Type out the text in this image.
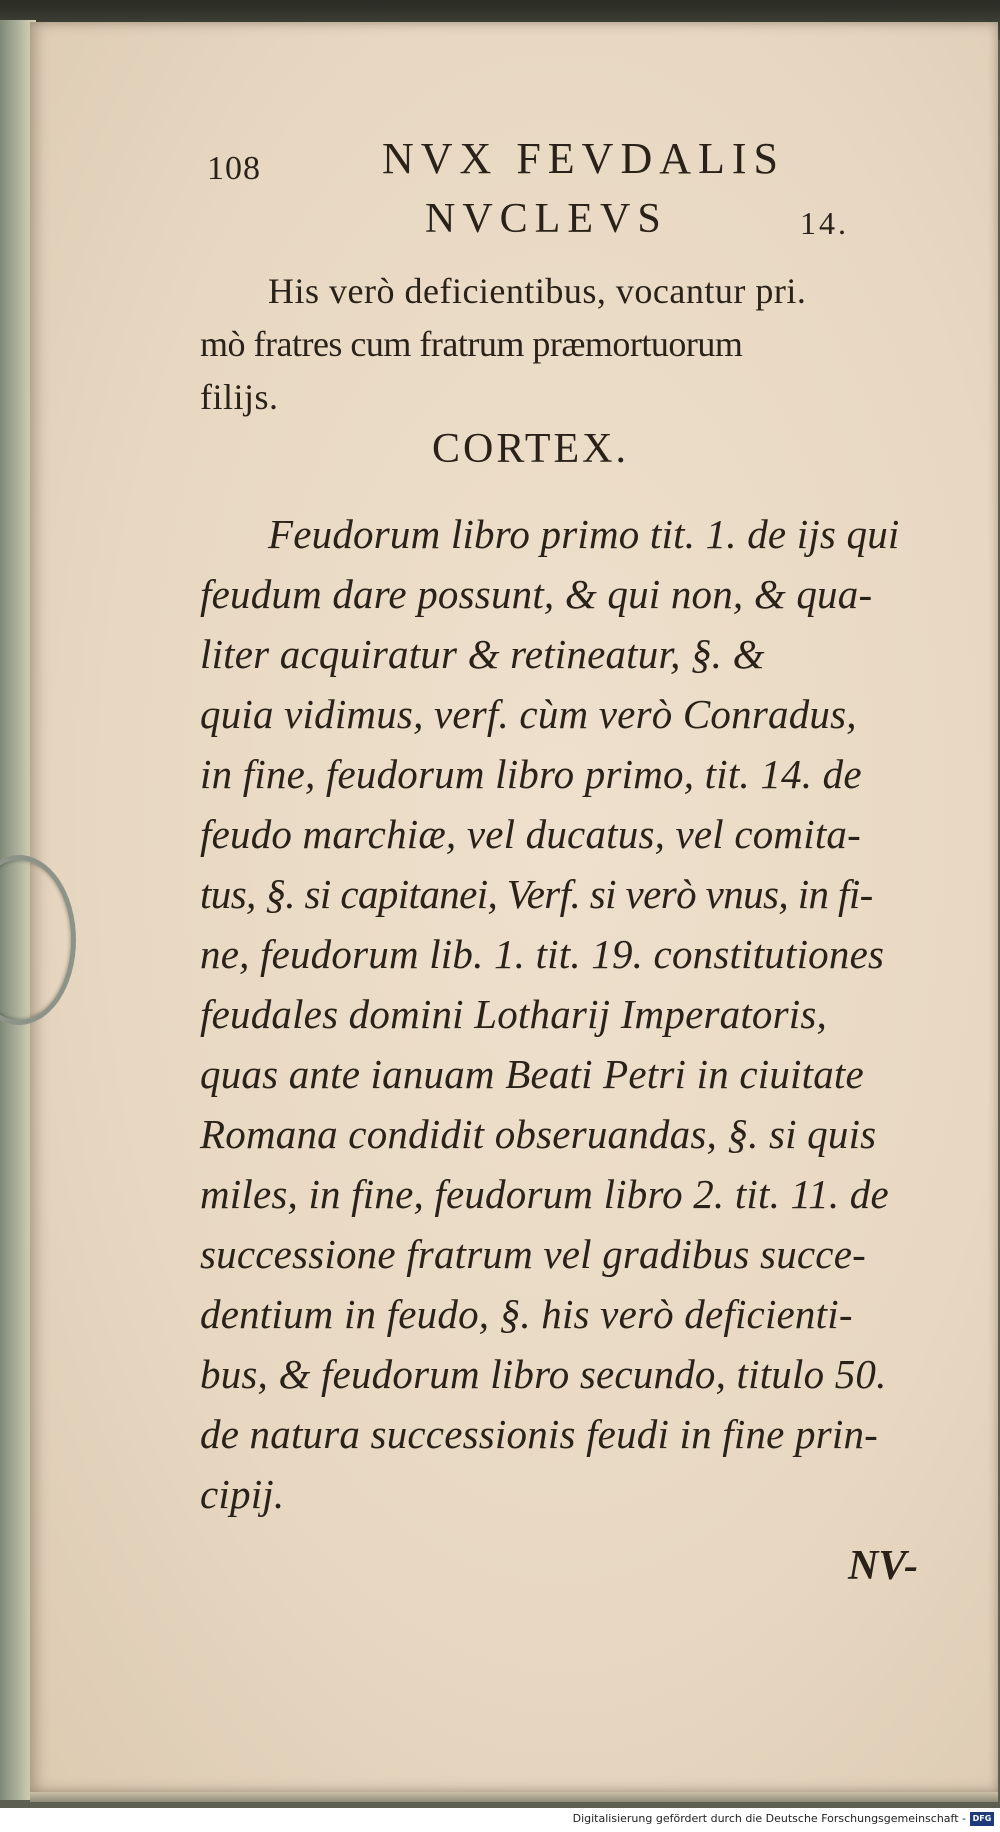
108	NVX FEVDALIS
NVCLEVS	14.
His verò deficientibus, vocantur pri.
mò fratres cum fratrum præmortuorum
filijs.
CORTEX.
Feudorum libro primo tit. 1. de ijs qui
feudum dare possunt, & qui non, & qua-
liter acquiratur & retineatur, §. &
quia vidimus, verf. cùm verò Conradus,
in fine, feudorum libro primo, tit. 14. de
feudo marchiæ, vel ducatus, vel comita-
tus, §. si capitanei, Verf. si verò vnus, in fi-
ne, feudorum lib. 1. tit. 19. constitutiones
feudales domini Lotharij Imperatoris,
quas ante ianuam Beati Petri in ciuitate
Romana condidit obseruandas, §. si quis
miles, in fine, feudorum libro 2. tit. 11. de
successione fratrum vel gradibus succe-
dentium in feudo, §. his verò deficienti-
bus, & feudorum libro secundo, titulo 50.
de natura successionis feudi in fine prin-
cipij.
NV-
Digitalisierung gefördert durch die Deutsche Forschungsgemeinschaft - DFG
